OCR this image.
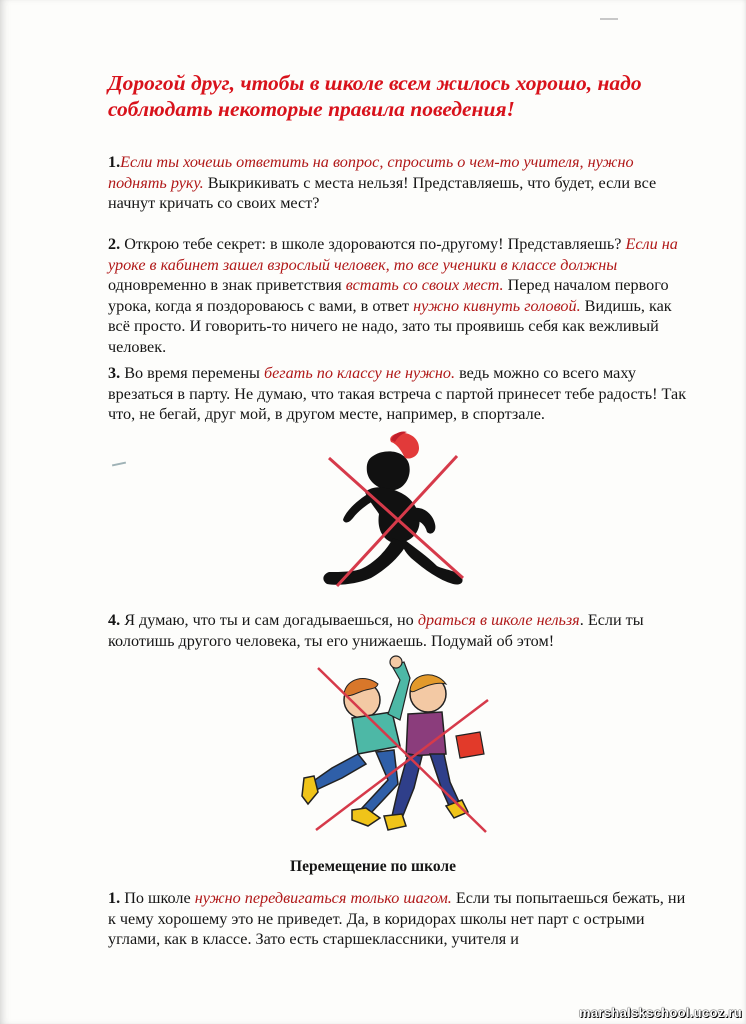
Дорогой друг, чтобы в школе всем жилось хорошо, надо соблюдать некоторые правила поведения!
1.Если ты хочешь ответить на вопрос, спросить о чем-то учителя, нужно поднять руку. Выкрикивать с места нельзя! Представляешь, что будет, если все начнут кричать со своих мест?
2. Открою тебе секрет: в школе здороваются по-другому! Представляешь? Если на уроке в кабинет зашел взрослый человек, то все ученики в классе должны одновременно в знак приветствия встать со своих мест. Перед началом первого урока, когда я поздороваюсь с вами, в ответ нужно кивнуть головой. Видишь, как всё просто. И говорить-то ничего не надо, зато ты проявишь себя как вежливый человек.
3. Во время перемены бегать по классу не нужно. ведь можно со всего маху врезаться в парту. Не думаю, что такая встреча с партой принесет тебе радость! Так что, не бегай, друг мой, в другом месте, например, в спортзале.
4. Я думаю, что ты и сам догадываешься, но драться в школе нельзя. Если ты колотишь другого человека, ты его унижаешь. Подумай об этом!
Перемещение по школе
1. По школе нужно передвигаться только шагом. Если ты попытаешься бежать, ни к чему хорошему это не приведет. Да, в коридорах школы нет парт с острыми углами, как в классе. Зато есть старшеклассники, учителя и
marshalskschool.ucoz.ru
